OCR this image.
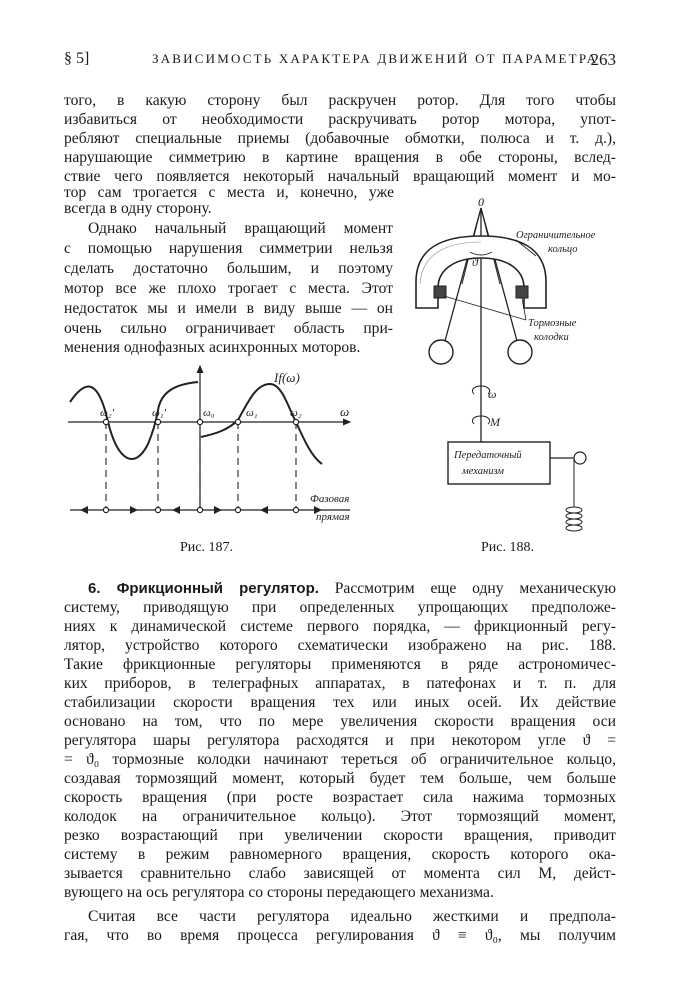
§ 5]	ЗАВИСИМОСТЬ ХАРАКТЕРА ДВИЖЕНИЙ ОТ ПАРАМЕТРА
263

того, в какую сторону был раскручен ротор. Для того чтобы

избавиться от необходимости раскручивать ротор мотора, упот-

ребляют специальные приемы (добавочные обмотки, полюса и т. д.),

нарушающие симметрию в картине вращения в обе стороны, вслед-

ствие чего появляется некоторый начальный вращающий момент и мо-

тор сам трогается с места и, конечно, уже

всегда в одну сторону.

Однако начальный вращающий момент

с помощью нарушения симметрии нельзя

сделать достаточно большим, и поэтому

мотор все же плохо трогает с места. Этот

недостаток мы и имели в виду выше — он

очень сильно ограничивает область при-

менения однофазных асинхронных моторов.

If(ω)
ω
ω₂'	ω₁'	ω₀	ω₁	ω₂
Фазовая
прямая
Рис. 187.
0
ϑ
Ограничительное
кольцо
Тормозные
колодки
ω
M
Передаточный
механизм
Рис. 188.

6. Фрикционный регулятор. Рассмотрим еще одну механическую

систему, приводящую при определенных упрощающих предположе-

ниях к динамической системе первого порядка, — фрикционный регу-

лятор, устройство которого схематически изображено на рис. 188.

Такие фрикционные регуляторы применяются в ряде астрономичес-

ких приборов, в телеграфных аппаратах, в патефонах и т. п. для

стабилизации скорости вращения тех или иных осей. Их действие

основано на том, что по мере увеличения скорости вращения оси

регулятора шары регулятора расходятся и при некотором угле ϑ =

= ϑ₀ тормозные колодки начинают тереться об ограничительное кольцо,

создавая тормозящий момент, который будет тем больше, чем больше

скорость вращения (при росте возрастает сила нажима тормозных

колодок на ограничительное кольцо). Этот тормозящий момент,

резко возрастающий при увеличении скорости вращения, приводит

систему в режим равномерного вращения, скорость которого ока-

зывается сравнительно слабо зависящей от момента сил M, дейст-

вующего на ось регулятора со стороны передающего механизма.

Считая все части регулятора идеально жесткими и предпола-

гая, что во время процесса регулирования ϑ ≡ ϑ₀, мы получим
